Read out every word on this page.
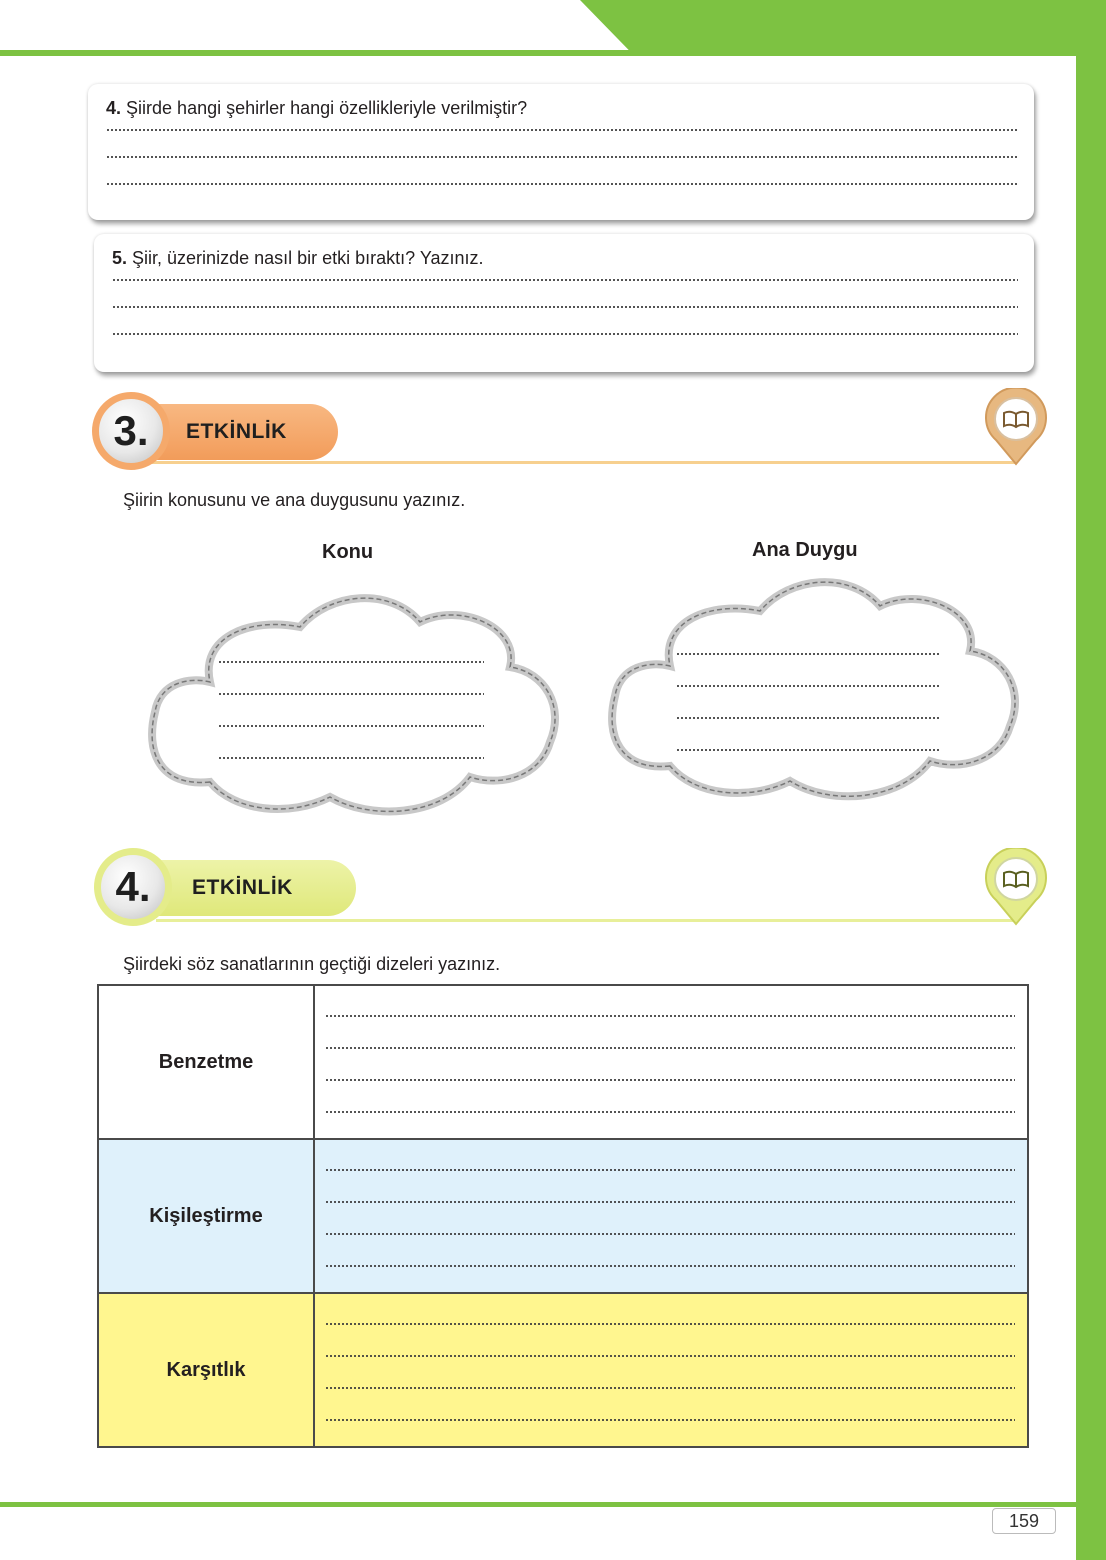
4. Şiirde hangi şehirler hangi özellikleriyle verilmiştir?

5. Şiir, üzerinizde nasıl bir etki bıraktı? Yazınız.

ETKİNLİK
3.
Şiirin konusunu ve ana duygusunu yazınız.
Konu	Ana Duygu
ETKİNLİK
4.
Şiirdeki söz sanatlarının geçtiği dizeleri yazınız.
Benzetme	

Kişileştirme	

Karşıtlık	
159
